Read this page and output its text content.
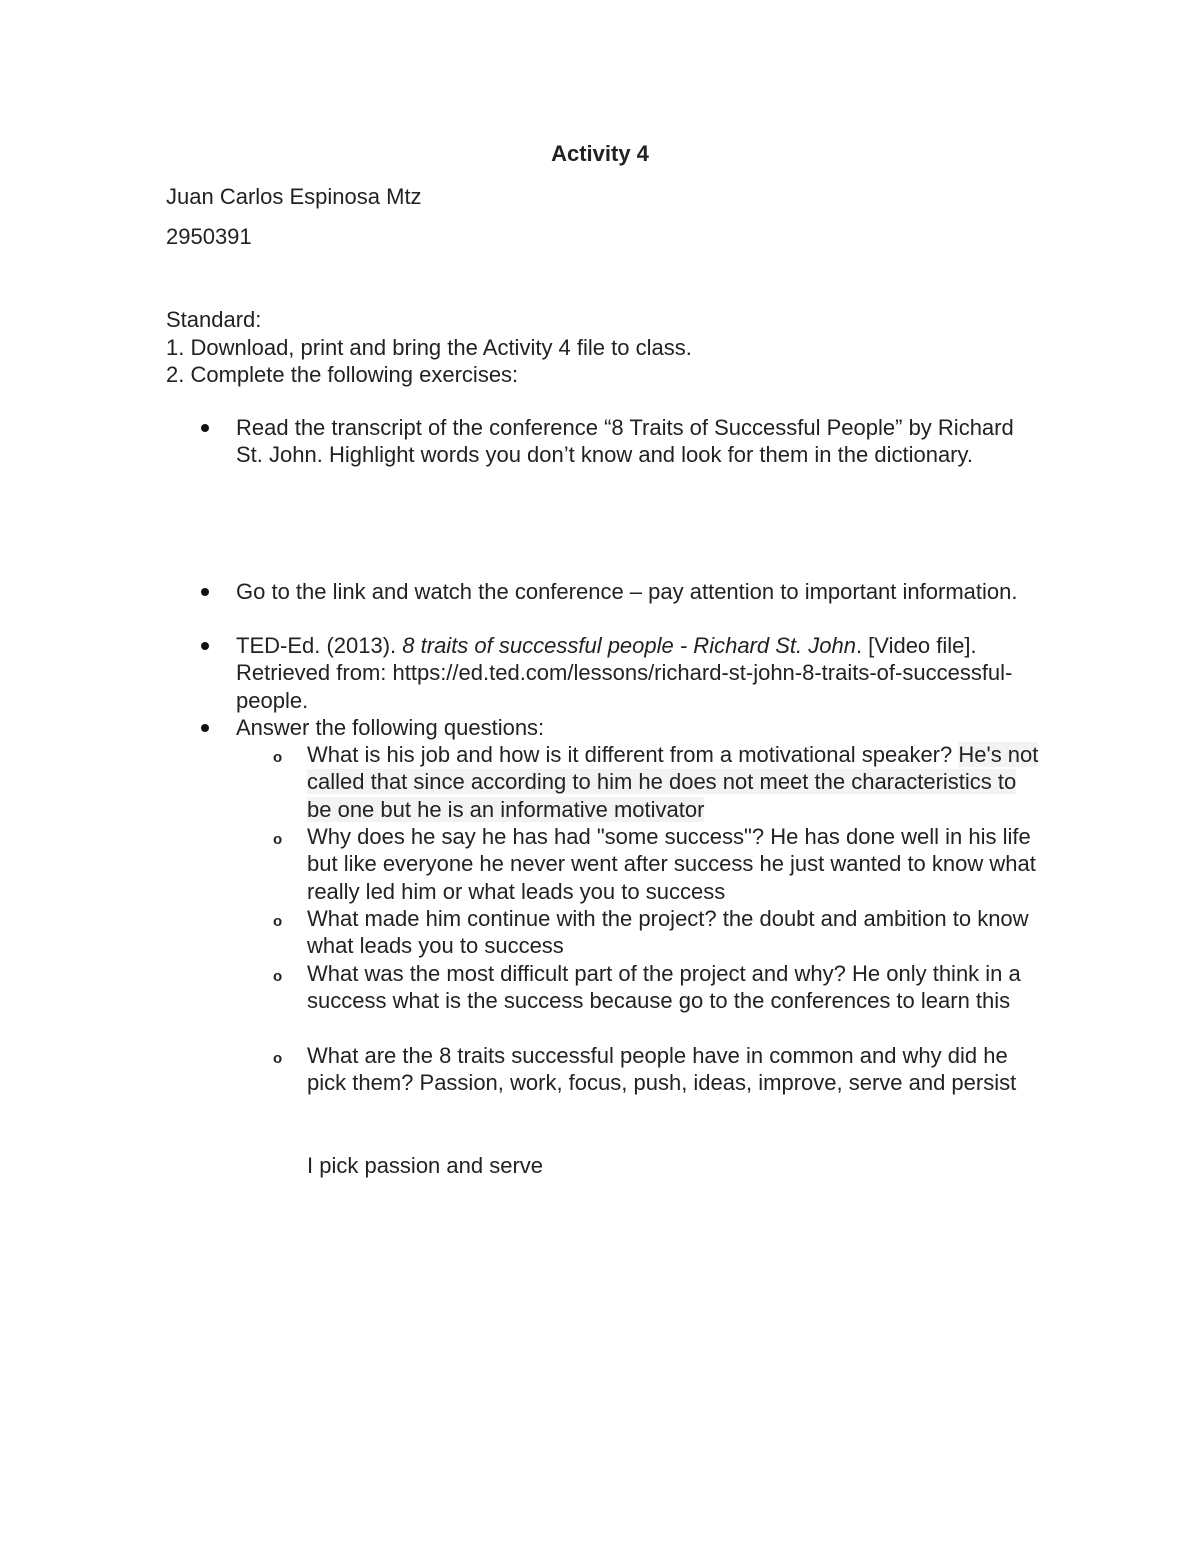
Activity 4
Juan Carlos Espinosa Mtz
2950391
Standard:
1. Download, print and bring the Activity 4 file to class.
2. Complete the following exercises:
Read the transcript of the conference “8 Traits of Successful People” by Richard St. John. Highlight words you don’t know and look for them in the dictionary.
Go to the link and watch the conference – pay attention to important information.
TED-Ed. (2013). 8 traits of successful people - Richard St. John. [Video file]. Retrieved from: https://ed.ted.com/lessons/richard-st-john-8-traits-of-successful-people.
Answer the following questions:
o What is his job and how is it different from a motivational speaker? He's not called that since according to him he does not meet the characteristics to be one but he is an informative motivator
o Why does he say he has had "some success"? He has done well in his life but like everyone he never went after success he just wanted to know what really led him or what leads you to success
o What made him continue with the project? the doubt and ambition to know what leads you to success
o What was the most difficult part of the project and why? He only think in a success what is the success because go to the conferences to learn this
o What are the 8 traits successful people have in common and why did he pick them? Passion, work, focus, push, ideas, improve, serve and persist
I pick passion and serve
